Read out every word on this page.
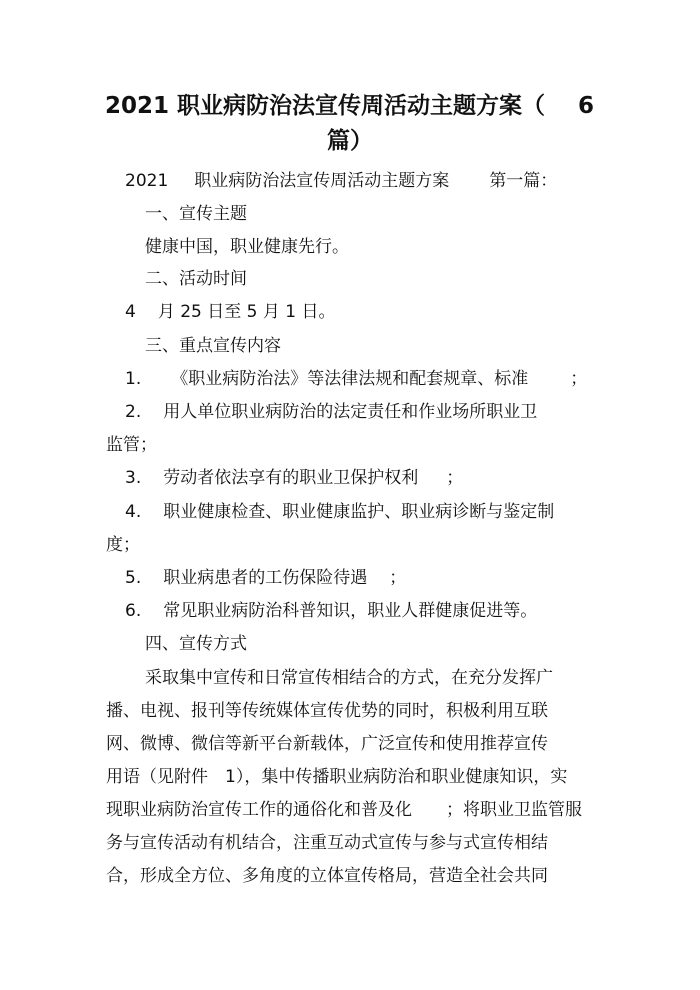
2021 职业病防治法宣传周活动主题方案（ 6
篇）
2021 职业病防治法宣传周活动主题方案 第一篇：
一、宣传主题
健康中国，职业健康先行。
二、活动时间
4 月 25 日至 5 月 1 日。
三、重点宣传内容
1. 《职业病防治法》等法律法规和配套规章、标准 ；
2. 用人单位职业病防治的法定责任和作业场所职业卫
监管；
3. 劳动者依法享有的职业卫保护权利 ；
4. 职业健康检查、职业健康监护、职业病诊断与鉴定制
度；
5. 职业病患者的工伤保险待遇 ；
6. 常见职业病防治科普知识，职业人群健康促进等。
四、宣传方式
采取集中宣传和日常宣传相结合的方式，在充分发挥广
播、电视、报刊等传统媒体宣传优势的同时，积极利用互联
网、微博、微信等新平台新载体，广泛宣传和使用推荐宣传
用语（见附件　1），集中传播职业病防治和职业健康知识，实
现职业病防治宣传工作的通俗化和普及化　　；将职业卫监管服
务与宣传活动有机结合，注重互动式宣传与参与式宣传相结
合，形成全方位、多角度的立体宣传格局，营造全社会共同
